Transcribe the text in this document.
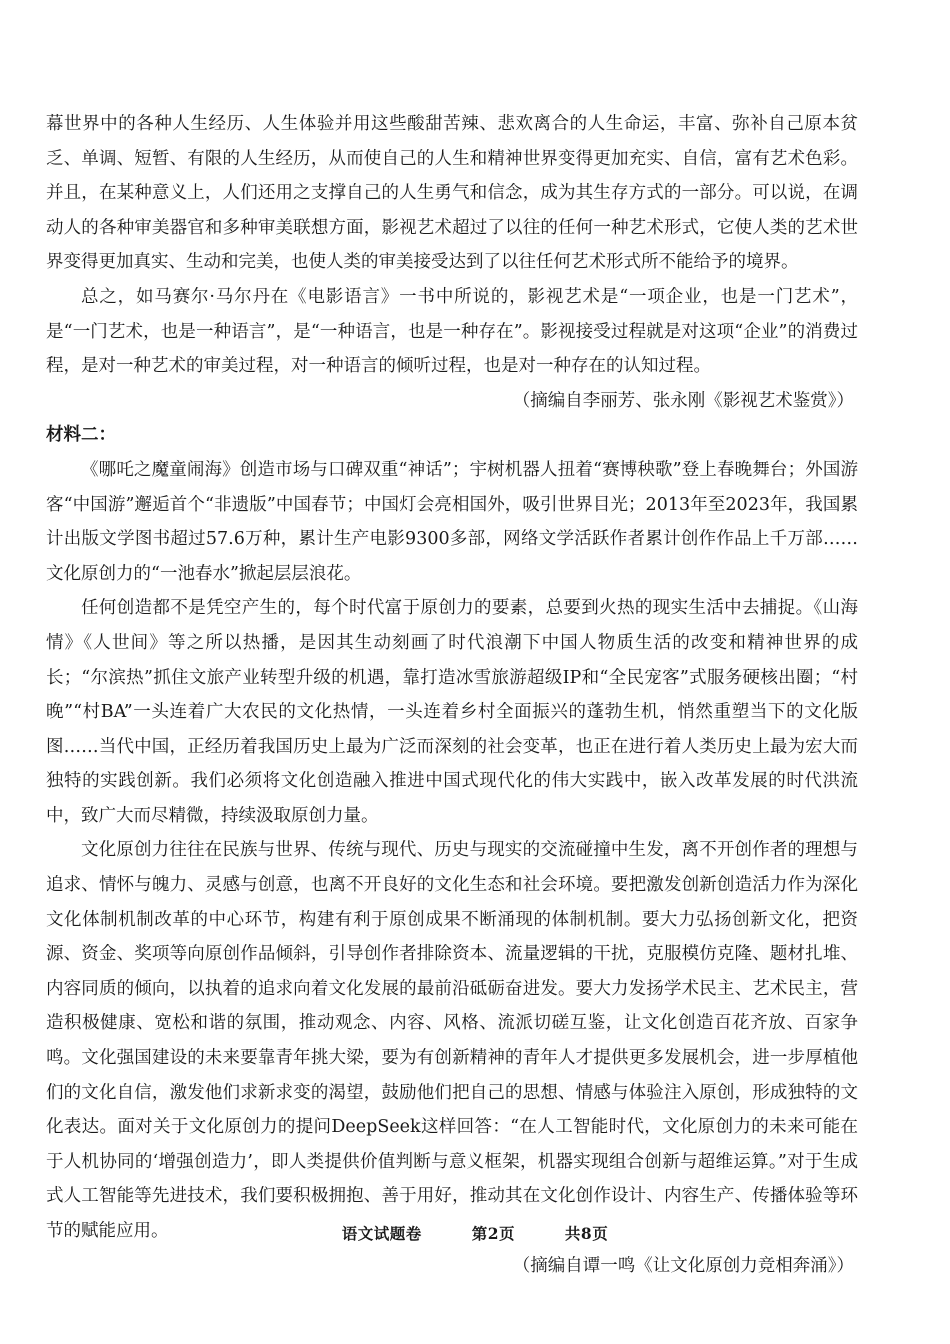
幕世界中的各种人生经历、人生体验并用这些酸甜苦辣、悲欢离合的人生命运，丰富、弥补自己原本贫乏、单调、短暂、有限的人生经历，从而使自己的人生和精神世界变得更加充实、自信，富有艺术色彩。并且，在某种意义上，人们还用之支撑自己的人生勇气和信念，成为其生存方式的一部分。可以说，在调动人的各种审美器官和多种审美联想方面，影视艺术超过了以往的任何一种艺术形式，它使人类的艺术世界变得更加真实、生动和完美，也使人类的审美接受达到了以往任何艺术形式所不能给予的境界。

总之，如马赛尔·马尔丹在《电影语言》一书中所说的，影视艺术是“一项企业，也是一门艺术”，是“一门艺术，也是一种语言”，是“一种语言，也是一种存在”。影视接受过程就是对这项“企业”的消费过程，是对一种艺术的审美过程，对一种语言的倾听过程，也是对一种存在的认知过程。

（摘编自李丽芳、张永刚《影视艺术鉴赏》）

材料二：

《哪吒之魔童闹海》创造市场与口碑双重“神话”；宇树机器人扭着“赛博秧歌”登上春晚舞台；外国游客“中国游”邂逅首个“非遗版”中国春节；中国灯会亮相国外，吸引世界目光；2013年至2023年，我国累计出版文学图书超过57.6万种，累计生产电影9300多部，网络文学活跃作者累计创作作品上千万部……文化原创力的“一池春水”掀起层层浪花。

任何创造都不是凭空产生的，每个时代富于原创力的要素，总要到火热的现实生活中去捕捉。《山海情》《人世间》等之所以热播，是因其生动刻画了时代浪潮下中国人物质生活的改变和精神世界的成长；“尔滨热”抓住文旅产业转型升级的机遇，靠打造冰雪旅游超级IP和“全民宠客”式服务硬核出圈；“村晚”“村BA”一头连着广大农民的文化热情，一头连着乡村全面振兴的蓬勃生机，悄然重塑当下的文化版图……当代中国，正经历着我国历史上最为广泛而深刻的社会变革，也正在进行着人类历史上最为宏大而独特的实践创新。我们必须将文化创造融入推进中国式现代化的伟大实践中，嵌入改革发展的时代洪流中，致广大而尽精微，持续汲取原创力量。

文化原创力往往在民族与世界、传统与现代、历史与现实的交流碰撞中生发，离不开创作者的理想与追求、情怀与魄力、灵感与创意，也离不开良好的文化生态和社会环境。要把激发创新创造活力作为深化文化体制机制改革的中心环节，构建有利于原创成果不断涌现的体制机制。要大力弘扬创新文化，把资源、资金、奖项等向原创作品倾斜，引导创作者排除资本、流量逻辑的干扰，克服模仿克隆、题材扎堆、内容同质的倾向，以执着的追求向着文化发展的最前沿砥砺奋进发。要大力发扬学术民主、艺术民主，营造积极健康、宽松和谐的氛围，推动观念、内容、风格、流派切磋互鉴，让文化创造百花齐放、百家争鸣。文化强国建设的未来要靠青年挑大梁，要为有创新精神的青年人才提供更多发展机会，进一步厚植他们的文化自信，激发他们求新求变的渴望，鼓励他们把自己的思想、情感与体验注入原创，形成独特的文化表达。面对关于文化原创力的提问DeepSeek这样回答：“在人工智能时代，文化原创力的未来可能在于人机协同的‘增强创造力’，即人类提供价值判断与意义框架，机器实现组合创新与超维运算。”对于生成式人工智能等先进技术，我们要积极拥抱、善于用好，推动其在文化创作设计、内容生产、传播体验等环节的赋能应用。

（摘编自谭一鸣《让文化原创力竞相奔涌》）

语文试题卷	第2页	共8页
